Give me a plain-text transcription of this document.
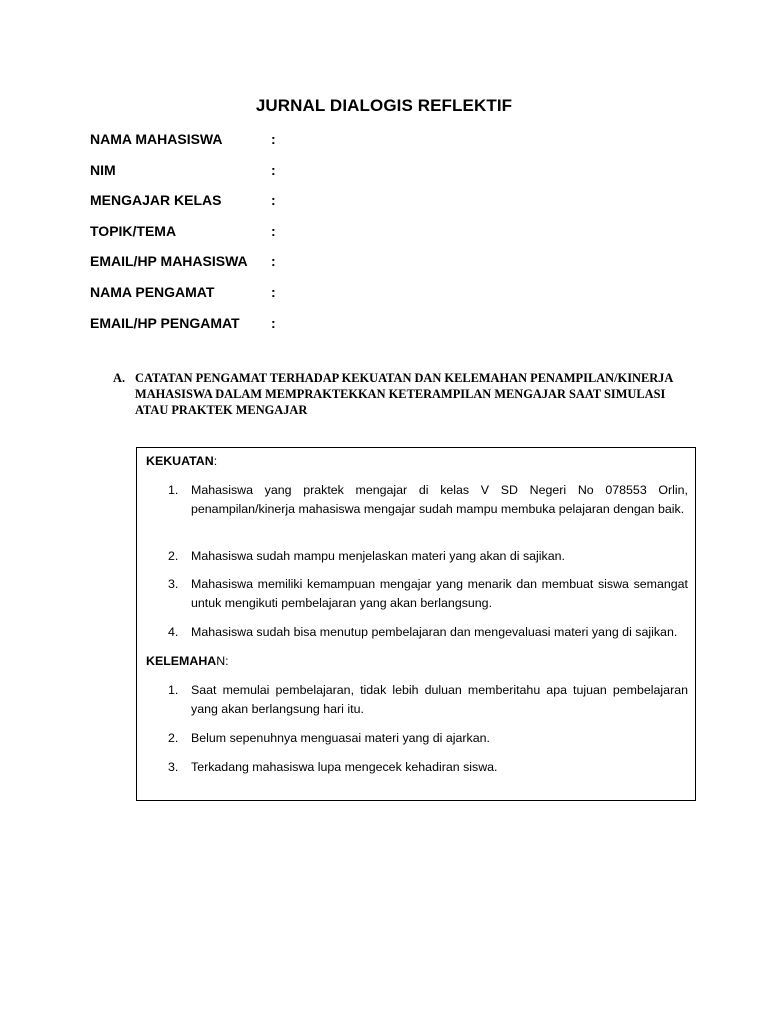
JURNAL DIALOGIS REFLEKTIF
NAMA MAHASISWA	:
NIM	:
MENGAJAR KELAS	:
TOPIK/TEMA	:
EMAIL/HP MAHASISWA :
NAMA PENGAMAT	:
EMAIL/HP PENGAMAT :
A. CATATAN PENGAMAT TERHADAP KEKUATAN DAN KELEMAHAN PENAMPILAN/KINERJA MAHASISWA DALAM MEMPRAKTEKKAN KETERAMPILAN MENGAJAR SAAT SIMULASI ATAU PRAKTEK MENGAJAR
KEKUATAN:
1. Mahasiswa yang praktek mengajar di kelas V SD Negeri No 078553 Orlin, penampilan/kinerja mahasiswa mengajar sudah mampu membuka pelajaran dengan baik.
2. Mahasiswa sudah mampu menjelaskan materi yang akan di sajikan.
3. Mahasiswa memiliki kemampuan mengajar yang menarik dan membuat siswa semangat untuk mengikuti pembelajaran yang akan berlangsung.
4. Mahasiswa sudah bisa menutup pembelajaran dan mengevaluasi materi yang di sajikan.
KELEMAHAN:
1. Saat memulai pembelajaran, tidak lebih duluan memberitahu apa tujuan pembelajaran yang akan berlangsung hari itu.
2. Belum sepenuhnya menguasai materi yang di ajarkan.
3. Terkadang mahasiswa lupa mengecek kehadiran siswa.
